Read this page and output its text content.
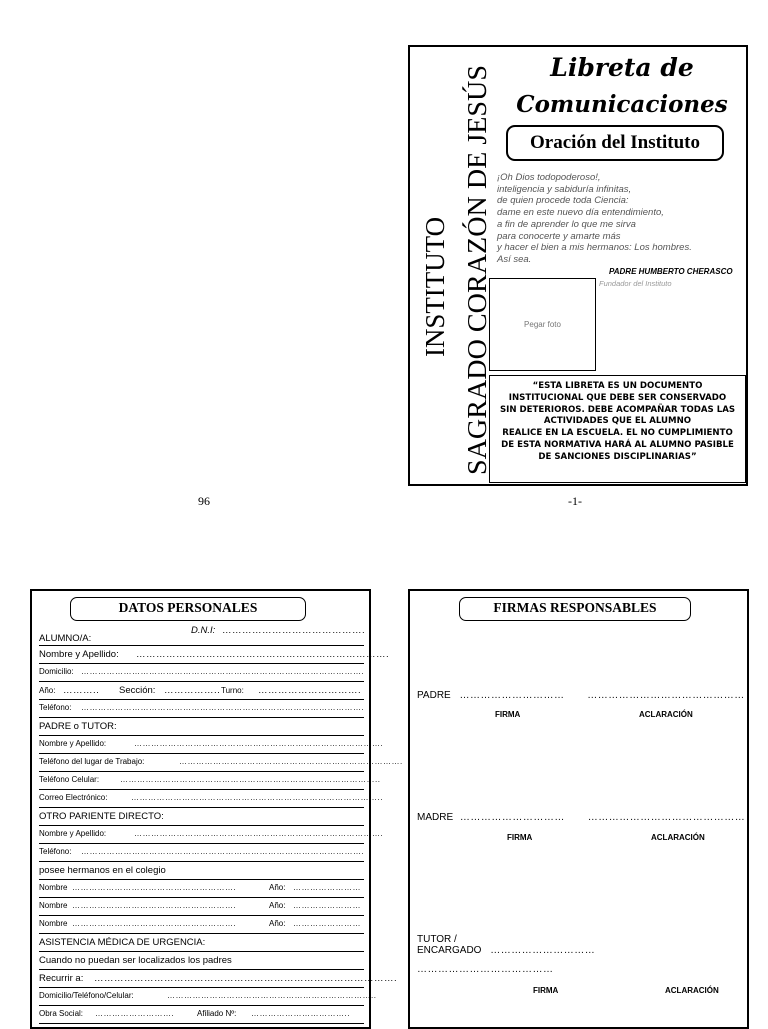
INSTITUTO SAGRADO CORAZÓN DE JESÚS
Libreta de
Comunicaciones
Oración del Instituto
¡Oh Dios todopoderoso!,
inteligencia y sabiduría infinitas,
de quien procede toda Ciencia:
dame en este nuevo día entendimiento,
a fin de aprender lo que me sirva
para conocerte y amarte más
y hacer el bien a mis hermanos: Los hombres.
Así sea.
PADRE HUMBERTO CHERASCO
Fundador del Instituto
Pegar foto
“ESTA LIBRETA ES UN DOCUMENTO
INSTITUCIONAL QUE DEBE SER CONSERVADO
SIN DETERIOROS. DEBE ACOMPAÑAR TODAS LAS
ACTIVIDADES QUE EL ALUMNO
REALICE EN LA ESCUELA. EL NO CUMPLIMIENTO
DE ESTA NORMATIVA HARÁ AL ALUMNO PASIBLE
DE SANCIONES DISCIPLINARIAS”
96	-1-
DATOS PERSONALES
ALUMNO/A:
D.N.I: …………………………………….
Nombre y Apellido: ………………………………………………………………….
Domicilio: ……………………………………………………………………………………….
Año: ……….. Sección: …………….. Turno: ………………………….
Teléfono: ……………………………………………………………………………………….
PADRE o TUTOR:
Nombre y Apellido:	…………………………………………………………………………….
Teléfono del lugar de Trabajo:	…………………………………………………………………….
Teléfono Celular:	………………………………………………………………………………..
Correo Electrónico:	……………………………………………………………………………..
OTRO PARIENTE DIRECTO:
Nombre y Apellido:	…………………………………………………………………………….
Teléfono: ……………………………………………………………………………………….
posee hermanos en el colegio
Nombre ………………………………………………….	Año: ……………………
Nombre ………………………………………………….	Año: ……………………
Nombre ………………………………………………….	Año: ……………………
ASISTENCIA MÉDICA DE URGENCIA:
Cuando no puedan ser localizados los padres
Recurrir a: ……………………………………………………………………………….
Domicilio/Teléfono/Celular:	………………………………………………………………..
Obra Social: ……………………….	Afiliado Nº: ……………………………..
FIRMAS RESPONSABLES
PADRE ………………………… ………………………………………
FIRMA	ACLARACIÓN
MADRE ………………………… ………………………………………
FIRMA	ACLARACIÓN
TUTOR /
ENCARGADO …………………………
…………………………………
FIRMA	ACLARACIÓN
